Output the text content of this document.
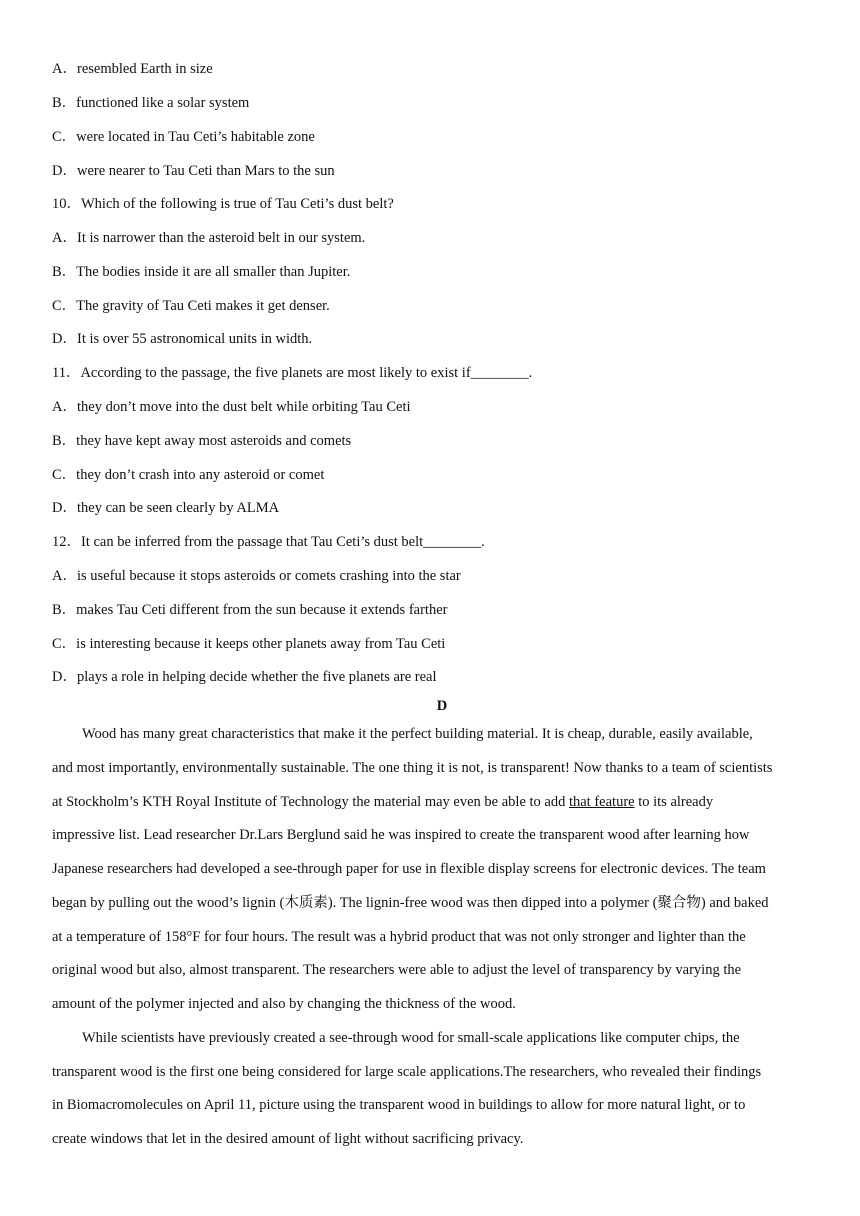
A．resembled Earth in size
B．functioned like a solar system
C．were located in Tau Ceti’s habitable zone
D．were nearer to Tau Ceti than Mars to the sun
10．Which of the following is true of Tau Ceti’s dust belt?
A．It is narrower than the asteroid belt in our system.
B．The bodies inside it are all smaller than Jupiter.
C．The gravity of Tau Ceti makes it get denser.
D．It is over 55 astronomical units in width.
11．According to the passage, the five planets are most likely to exist if________.
A．they don’t move into the dust belt while orbiting Tau Ceti
B．they have kept away most asteroids and comets
C．they don’t crash into any asteroid or comet
D．they can be seen clearly by ALMA
12．It can be inferred from the passage that Tau Ceti’s dust belt________.
A．is useful because it stops asteroids or comets crashing into the star
B．makes Tau Ceti different from the sun because it extends farther
C．is interesting because it keeps other planets away from Tau Ceti
D．plays a role in helping decide whether the five planets are real
D
Wood has many great characteristics that make it the perfect building material. It is cheap, durable, easily available,
and most importantly, environmentally sustainable. The one thing it is not, is transparent! Now thanks to a team of scientists
at Stockholm’s KTH Royal Institute of Technology the material may even be able to add that feature to its already
impressive list. Lead researcher Dr.Lars Berglund said he was inspired to create the transparent wood after learning how
Japanese researchers had developed a see-through paper for use in flexible display screens for electronic devices. The team
began by pulling out the wood’s lignin (木质素). The lignin-free wood was then dipped into a polymer (聚合物) and baked
at a temperature of 158°F for four hours. The result was a hybrid product that was not only stronger and lighter than the
original wood but also, almost transparent. The researchers were able to adjust the level of transparency by varying the
amount of the polymer injected and also by changing the thickness of the wood.
While scientists have previously created a see-through wood for small-scale applications like computer chips, the
transparent wood is the first one being considered for large scale applications.The researchers, who revealed their findings
in Biomacromolecules on April 11, picture using the transparent wood in buildings to allow for more natural light, or to
create windows that let in the desired amount of light without sacrificing privacy.
